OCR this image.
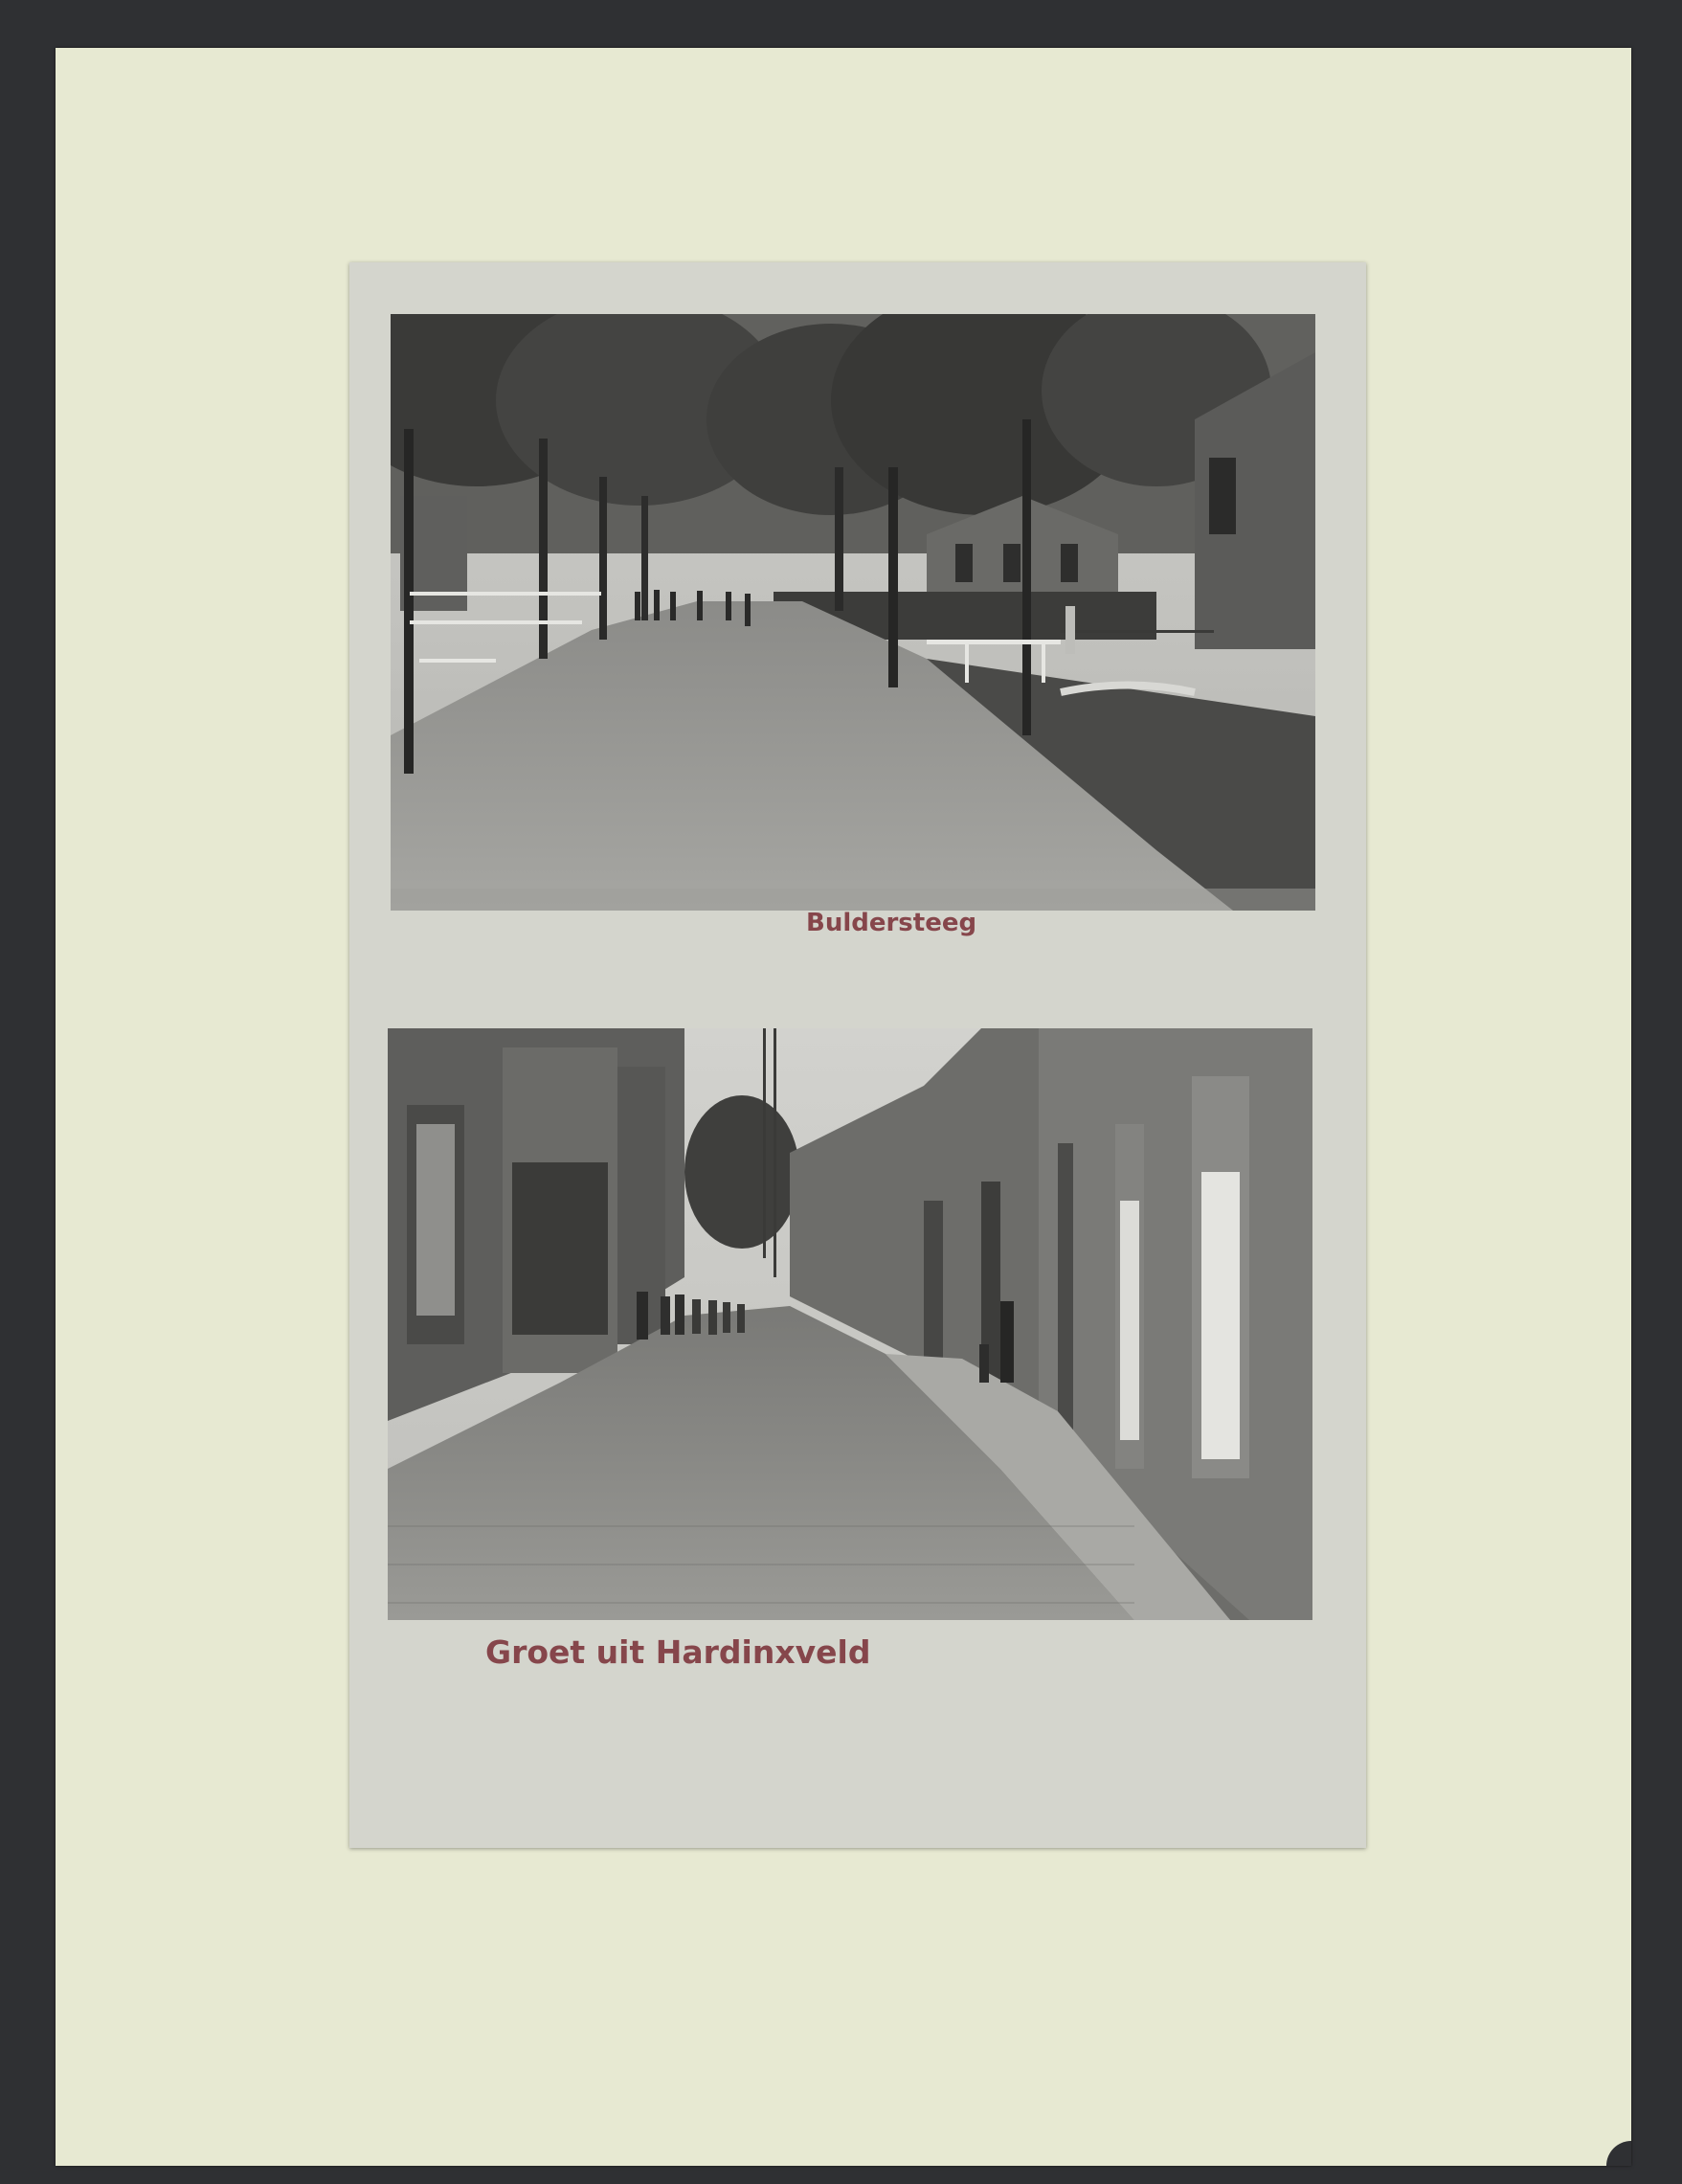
Buldersteeg
Groet uit Hardinxveld
